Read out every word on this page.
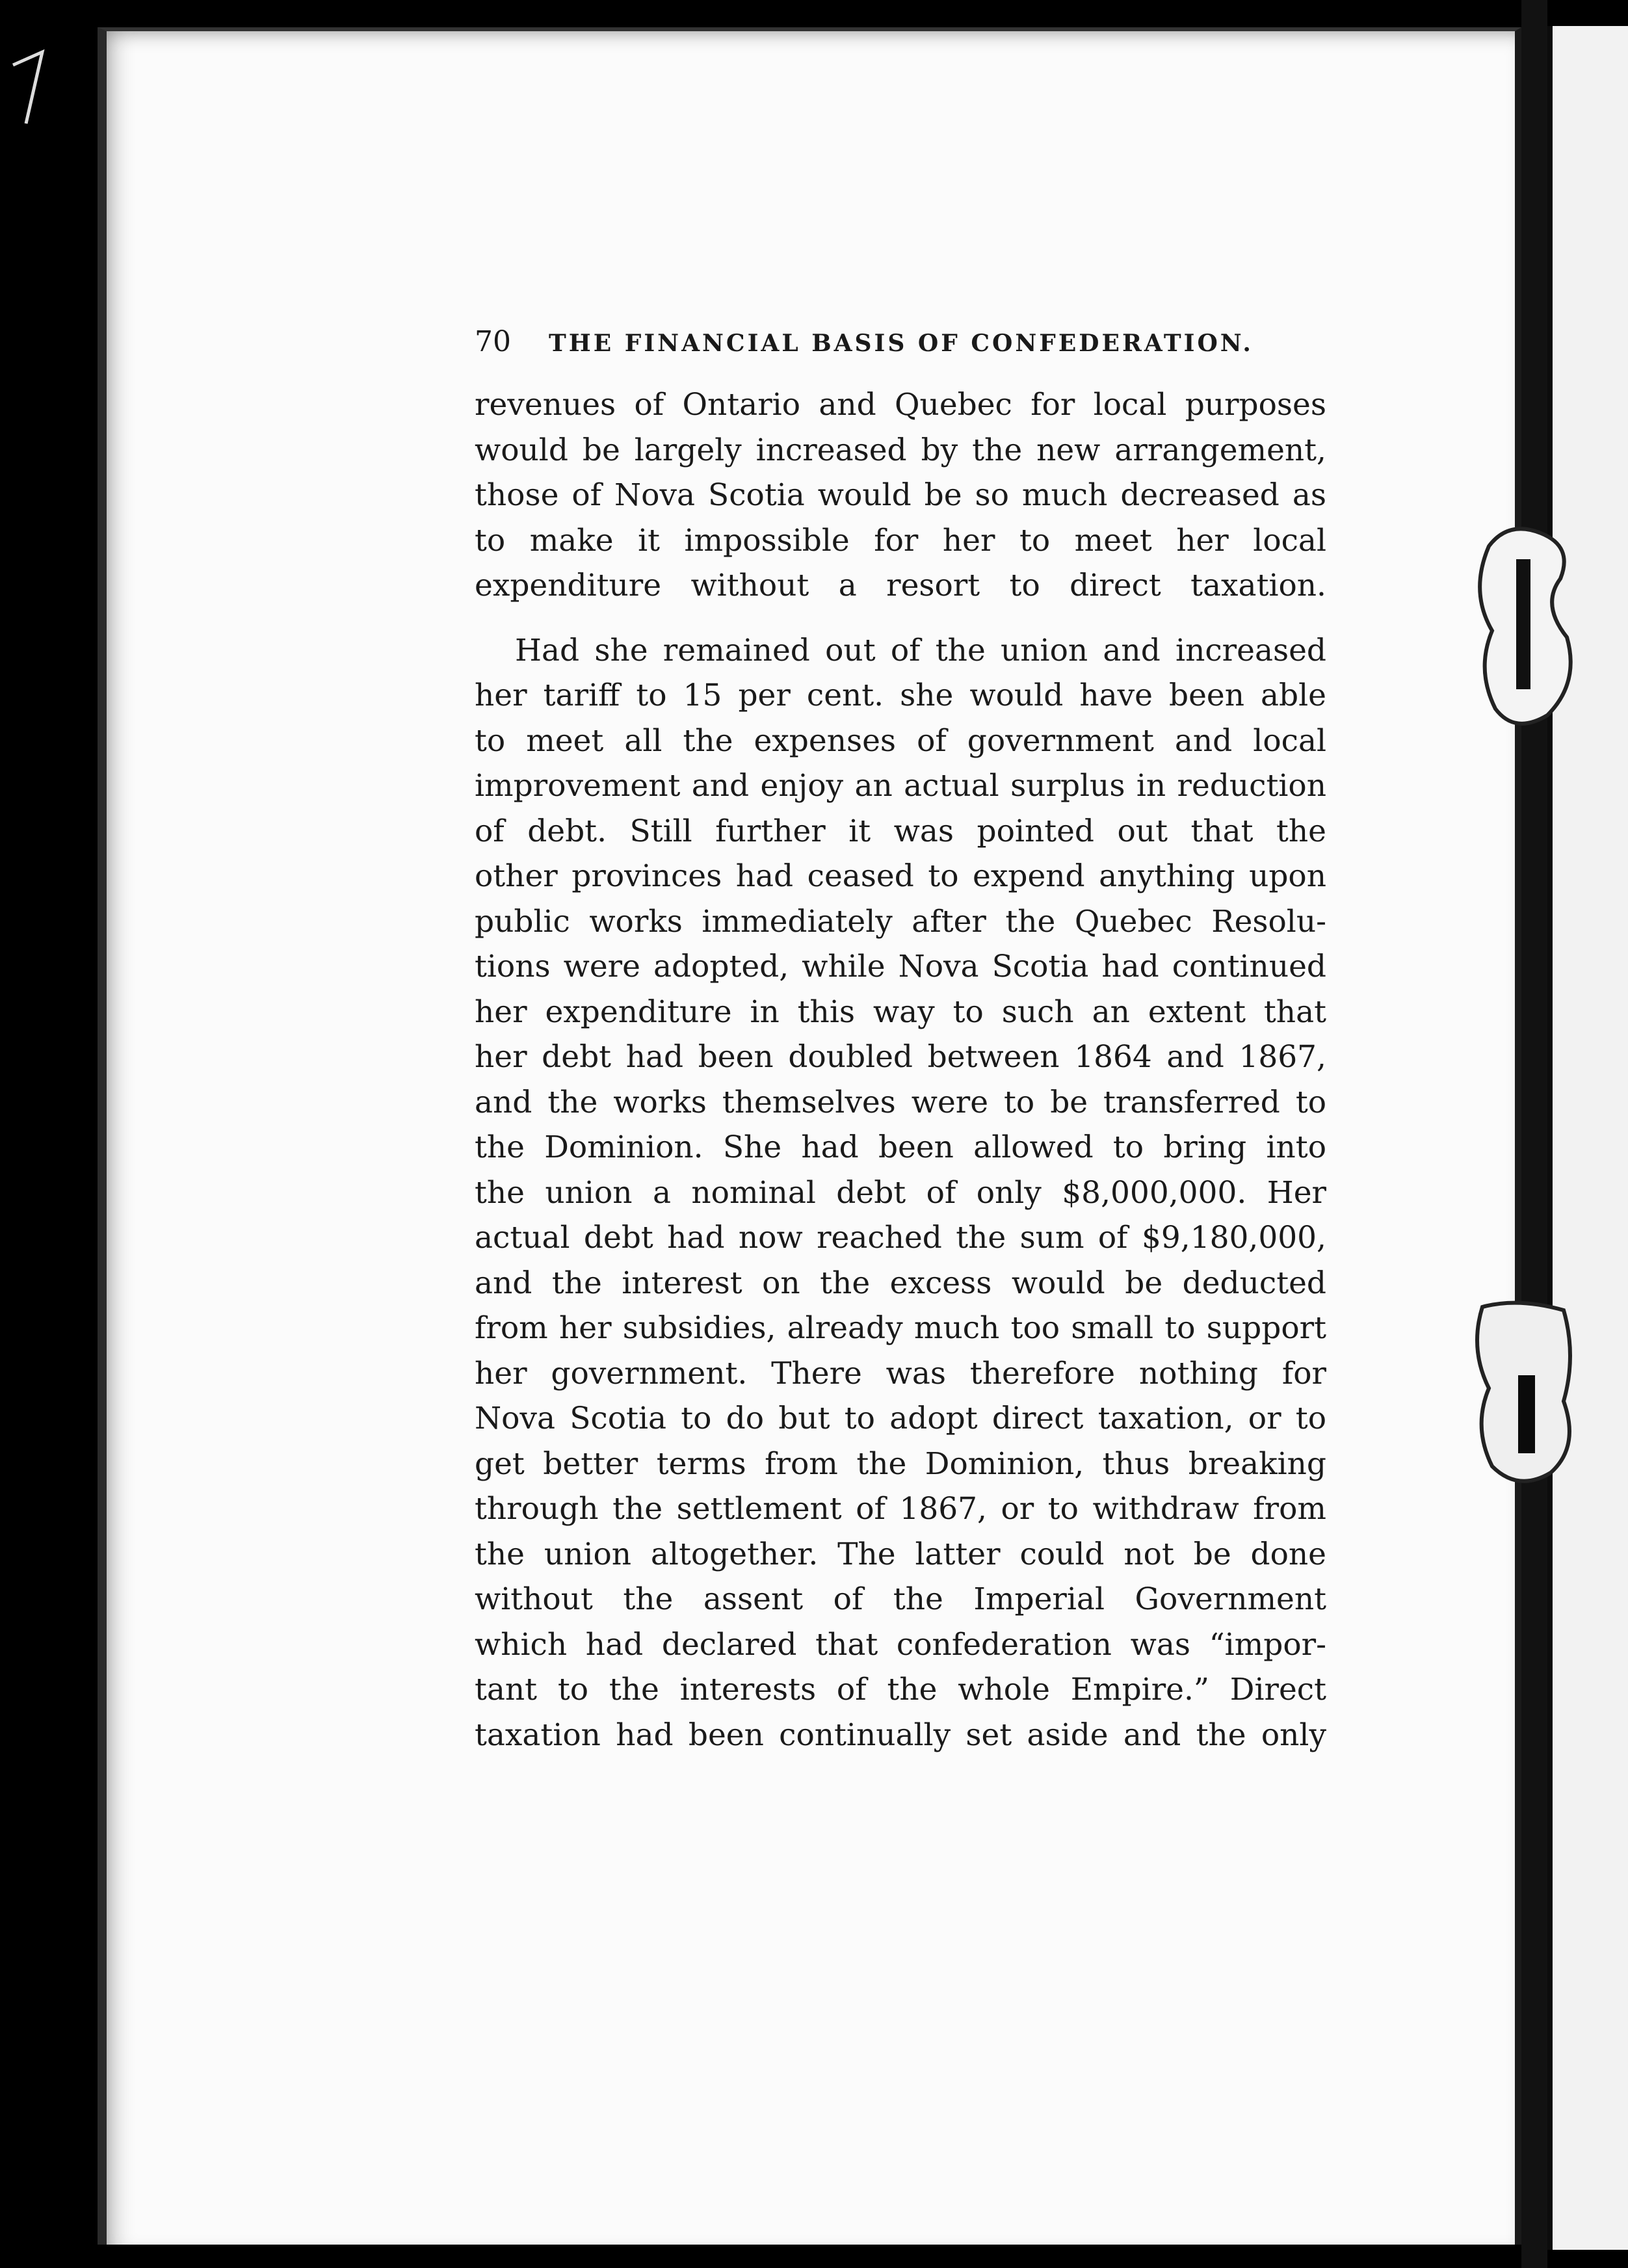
70 THE FINANCIAL BASIS OF CONFEDERATION.
revenues of Ontario and Quebec for local purposes
would be largely increased by the new arrangement,
those of Nova Scotia would be so much decreased as
to make it impossible for her to meet her local
expenditure without a resort to direct taxation.
Had she remained out of the union and increased
her tariff to 15 per cent. she would have been able
to meet all the expenses of government and local
improvement and enjoy an actual surplus in reduction
of debt. Still further it was pointed out that the
other provinces had ceased to expend anything upon
public works immediately after the Quebec Resolu-
tions were adopted, while Nova Scotia had continued
her expenditure in this way to such an extent that
her debt had been doubled between 1864 and 1867,
and the works themselves were to be transferred to
the Dominion. She had been allowed to bring into
the union a nominal debt of only $8,000,000. Her
actual debt had now reached the sum of $9,180,000,
and the interest on the excess would be deducted
from her subsidies, already much too small to support
her government. There was therefore nothing for
Nova Scotia to do but to adopt direct taxation, or to
get better terms from the Dominion, thus breaking
through the settlement of 1867, or to withdraw from
the union altogether. The latter could not be done
without the assent of the Imperial Government
which had declared that confederation was “impor-
tant to the interests of the whole Empire.” Direct
taxation had been continually set aside and the only
